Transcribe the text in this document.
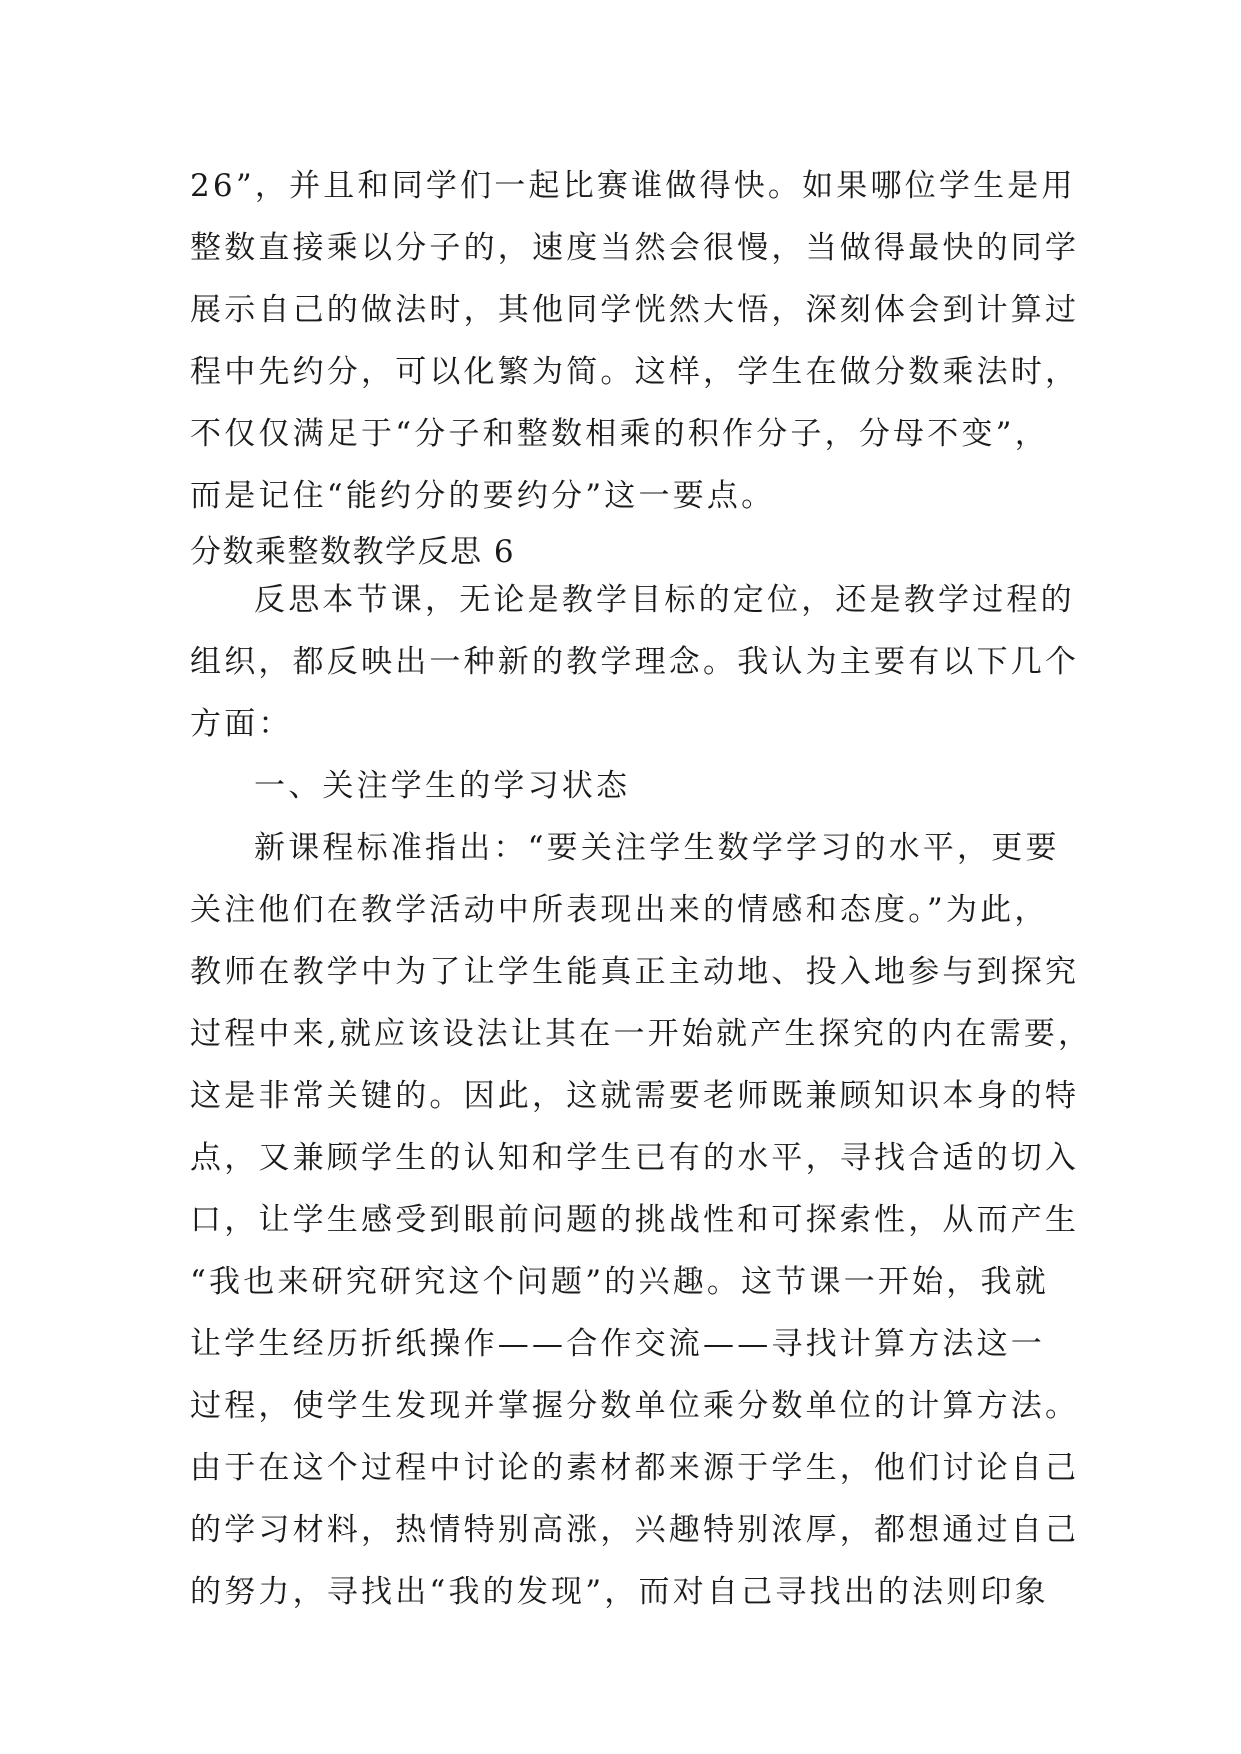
26”，并且和同学们一起比赛谁做得快。如果哪位学生是用
整数直接乘以分子的，速度当然会很慢，当做得最快的同学
展示自己的做法时，其他同学恍然大悟，深刻体会到计算过
程中先约分，可以化繁为简。这样，学生在做分数乘法时，
不仅仅满足于“分子和整数相乘的积作分子，分母不变”，
而是记住“能约分的要约分”这一要点。
分数乘整数教学反思 6
反思本节课，无论是教学目标的定位，还是教学过程的
组织，都反映出一种新的教学理念。我认为主要有以下几个
方面：
一、关注学生的学习状态
新课程标准指出：“要关注学生数学学习的水平，更要
关注他们在教学活动中所表现出来的情感和态度。”为此，
教师在教学中为了让学生能真正主动地、投入地参与到探究
过程中来,就应该设法让其在一开始就产生探究的内在需要，
这是非常关键的。因此，这就需要老师既兼顾知识本身的特
点，又兼顾学生的认知和学生已有的水平，寻找合适的切入
口，让学生感受到眼前问题的挑战性和可探索性，从而产生
“我也来研究研究这个问题”的兴趣。这节课一开始，我就
让学生经历折纸操作——合作交流——寻找计算方法这一
过程，使学生发现并掌握分数单位乘分数单位的计算方法。
由于在这个过程中讨论的素材都来源于学生，他们讨论自己
的学习材料，热情特别高涨，兴趣特别浓厚，都想通过自己
的努力，寻找出“我的发现”，而对自己寻找出的法则印象
